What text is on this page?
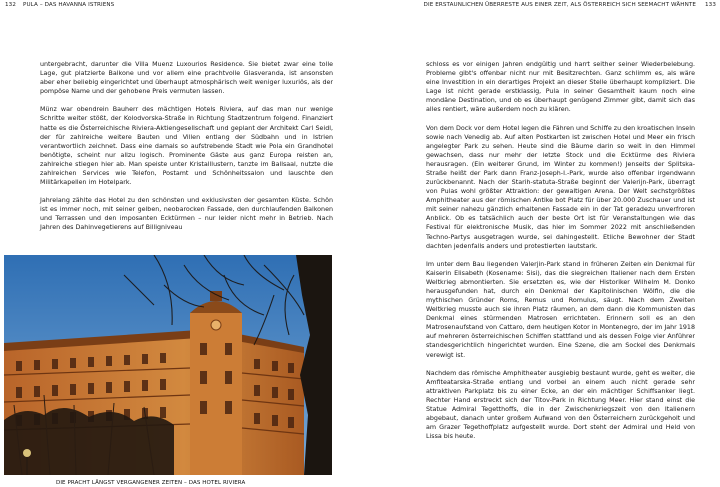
132 PULA – DAS HAVANNA ISTRIENS	DIE ERSTAUNLICHEN ÜBERRESTE AUS EINER ZEIT, ALS ÖSTERREICH SICH SEEMACHT WÄHNTE 133

untergebracht, darunter die Villa Muenz Luxourios Residence. Sie bietet zwar eine tolle Lage, gut platzierte Balkone und vor allem eine prachtvolle Glasveranda, ist ansonsten aber eher beliebig eingerichtet und überhaupt atmosphärisch weit weniger luxuriös, als der pompöse Name und der gehobene Preis vermuten lassen.

Münz war obendrein Bauherr des mächtigen Hotels Riviera, auf das man nur wenige Schritte weiter stößt, der Kolodvorska-Straße in Richtung Stadtzentrum folgend. Finanziert hatte es die Österreichische Riviera-Aktiengesellschaft und geplant der Architekt Carl Seidl, der für zahlreiche weitere Bauten und Villen entlang der Südbahn und in Istrien verantwortlich zeichnet. Dass eine damals so aufstrebende Stadt wie Pola ein Grandhotel benötigte, scheint nur allzu logisch. Prominente Gäste aus ganz Europa reisten an, zahlreiche stiegen hier ab. Man speiste unter Kristalllustern, tanzte im Ballsaal, nutzte die zahlreichen Services wie Telefon, Postamt und Schönheitssalon und lauschte den Militärkapellen im Hotelpark.

Jahrelang zählte das Hotel zu den schönsten und exklusivsten der gesamten Küste. Schön ist es immer noch, mit seiner gelben, neobarocken Fassade, den durchlaufenden Balkonen und Terrassen und den imposanten Ecktürmen – nur leider nicht mehr in Betrieb. Nach Jahren des Dahinvegetierens auf Billigniveau

DIE PRACHT LÄNGST VERGANGENER ZEITEN – DAS HOTEL RIVIERA

schloss es vor einigen Jahren endgültig und harrt seither seiner Wiederbelebung. Probleme gibt's offenbar nicht nur mit Besitzrechten. Ganz schlimm es, als wäre eine Investition in ein derartiges Projekt an dieser Stelle überhaupt kompliziert. Die Lage ist nicht gerade erstklassig, Pula in seiner Gesamtheit kaum noch eine mondäne Destination, und ob es überhaupt genügend Zimmer gibt, damit sich das alles rentiert, wäre außerdem noch zu klären.

Von dem Dock vor dem Hotel legen die Fähren und Schiffe zu den kroatischen Inseln sowie nach Venedig ab. Auf alten Postkarten ist zwischen Hotel und Meer ein frisch angelegter Park zu sehen. Heute sind die Bäume darin so weit in den Himmel gewachsen, dass nur mehr der letzte Stock und die Ecktürme des Riviera herausragen. (Ein weiterer Grund, im Winter zu kommen!) Jenseits der Splitska-Straße heißt der Park dann Franz-Joseph-I.-Park, wurde also offenbar irgendwann zurückbenannt. Nach der Starih-statuta-Straße beginnt der Valerijn-Park, überragt von Pulas wohl größter Attraktion: der gewaltigen Arena. Der Welt sechstgrößtes Amphitheater aus der römischen Antike bot Platz für über 20.000 Zuschauer und ist mit seiner nahezu gänzlich erhaltenen Fassade ein in der Tat geradezu unverfroren Anblick. Ob es tatsächlich auch der beste Ort ist für Veranstaltungen wie das Festival für elektronische Musik, das hier im Sommer 2022 mit anschließenden Techno-Partys ausgetragen wurde, sei dahingestellt. Etliche Bewohner der Stadt dachten jedenfalls anders und protestierten lautstark.

Im unter dem Bau liegenden Valerjin-Park stand in früheren Zeiten ein Denkmal für Kaiserin Elisabeth (Kosename: Sisi), das die siegreichen Italiener nach dem Ersten Weltkrieg abmontierten. Sie ersetzten es, wie der Historiker Wilhelm M. Donko herausgefunden hat, durch ein Denkmal der Kapitolinischen Wölfin, die die mythischen Gründer Roms, Remus und Romulus, säugt. Nach dem Zweiten Weltkrieg musste auch sie ihren Platz räumen, an dem dann die Kommunisten das Denkmal eines stürmenden Matrosen errichteten. Erinnern soll es an den Matrosenaufstand von Cattaro, dem heutigen Kotor in Montenegro, der im Jahr 1918 auf mehreren österreichischen Schiffen stattfand und als dessen Folge vier Anführer standesgerichtlich hingerichtet wurden. Eine Szene, die am Sockel des Denkmals verewigt ist.

Nachdem das römische Amphitheater ausgiebig bestaunt wurde, geht es weiter, die Amfiteatarska-Straße entlang und vorbei an einem auch nicht gerade sehr attraktiven Parkplatz bis zu einer Ecke, an der ein mächtiger Schiffsanker liegt. Rechter Hand erstreckt sich der Titov-Park in Richtung Meer. Hier stand einst die Statue Admiral Tegetthoffs, die in der Zwischenkriegszeit von den Italienern abgebaut, danach unter großem Aufwand von den Österreichern zurückgeholt und am Grazer Tegethoffplatz aufgestellt wurde. Dort steht der Admiral und Held von Lissa bis heute.
